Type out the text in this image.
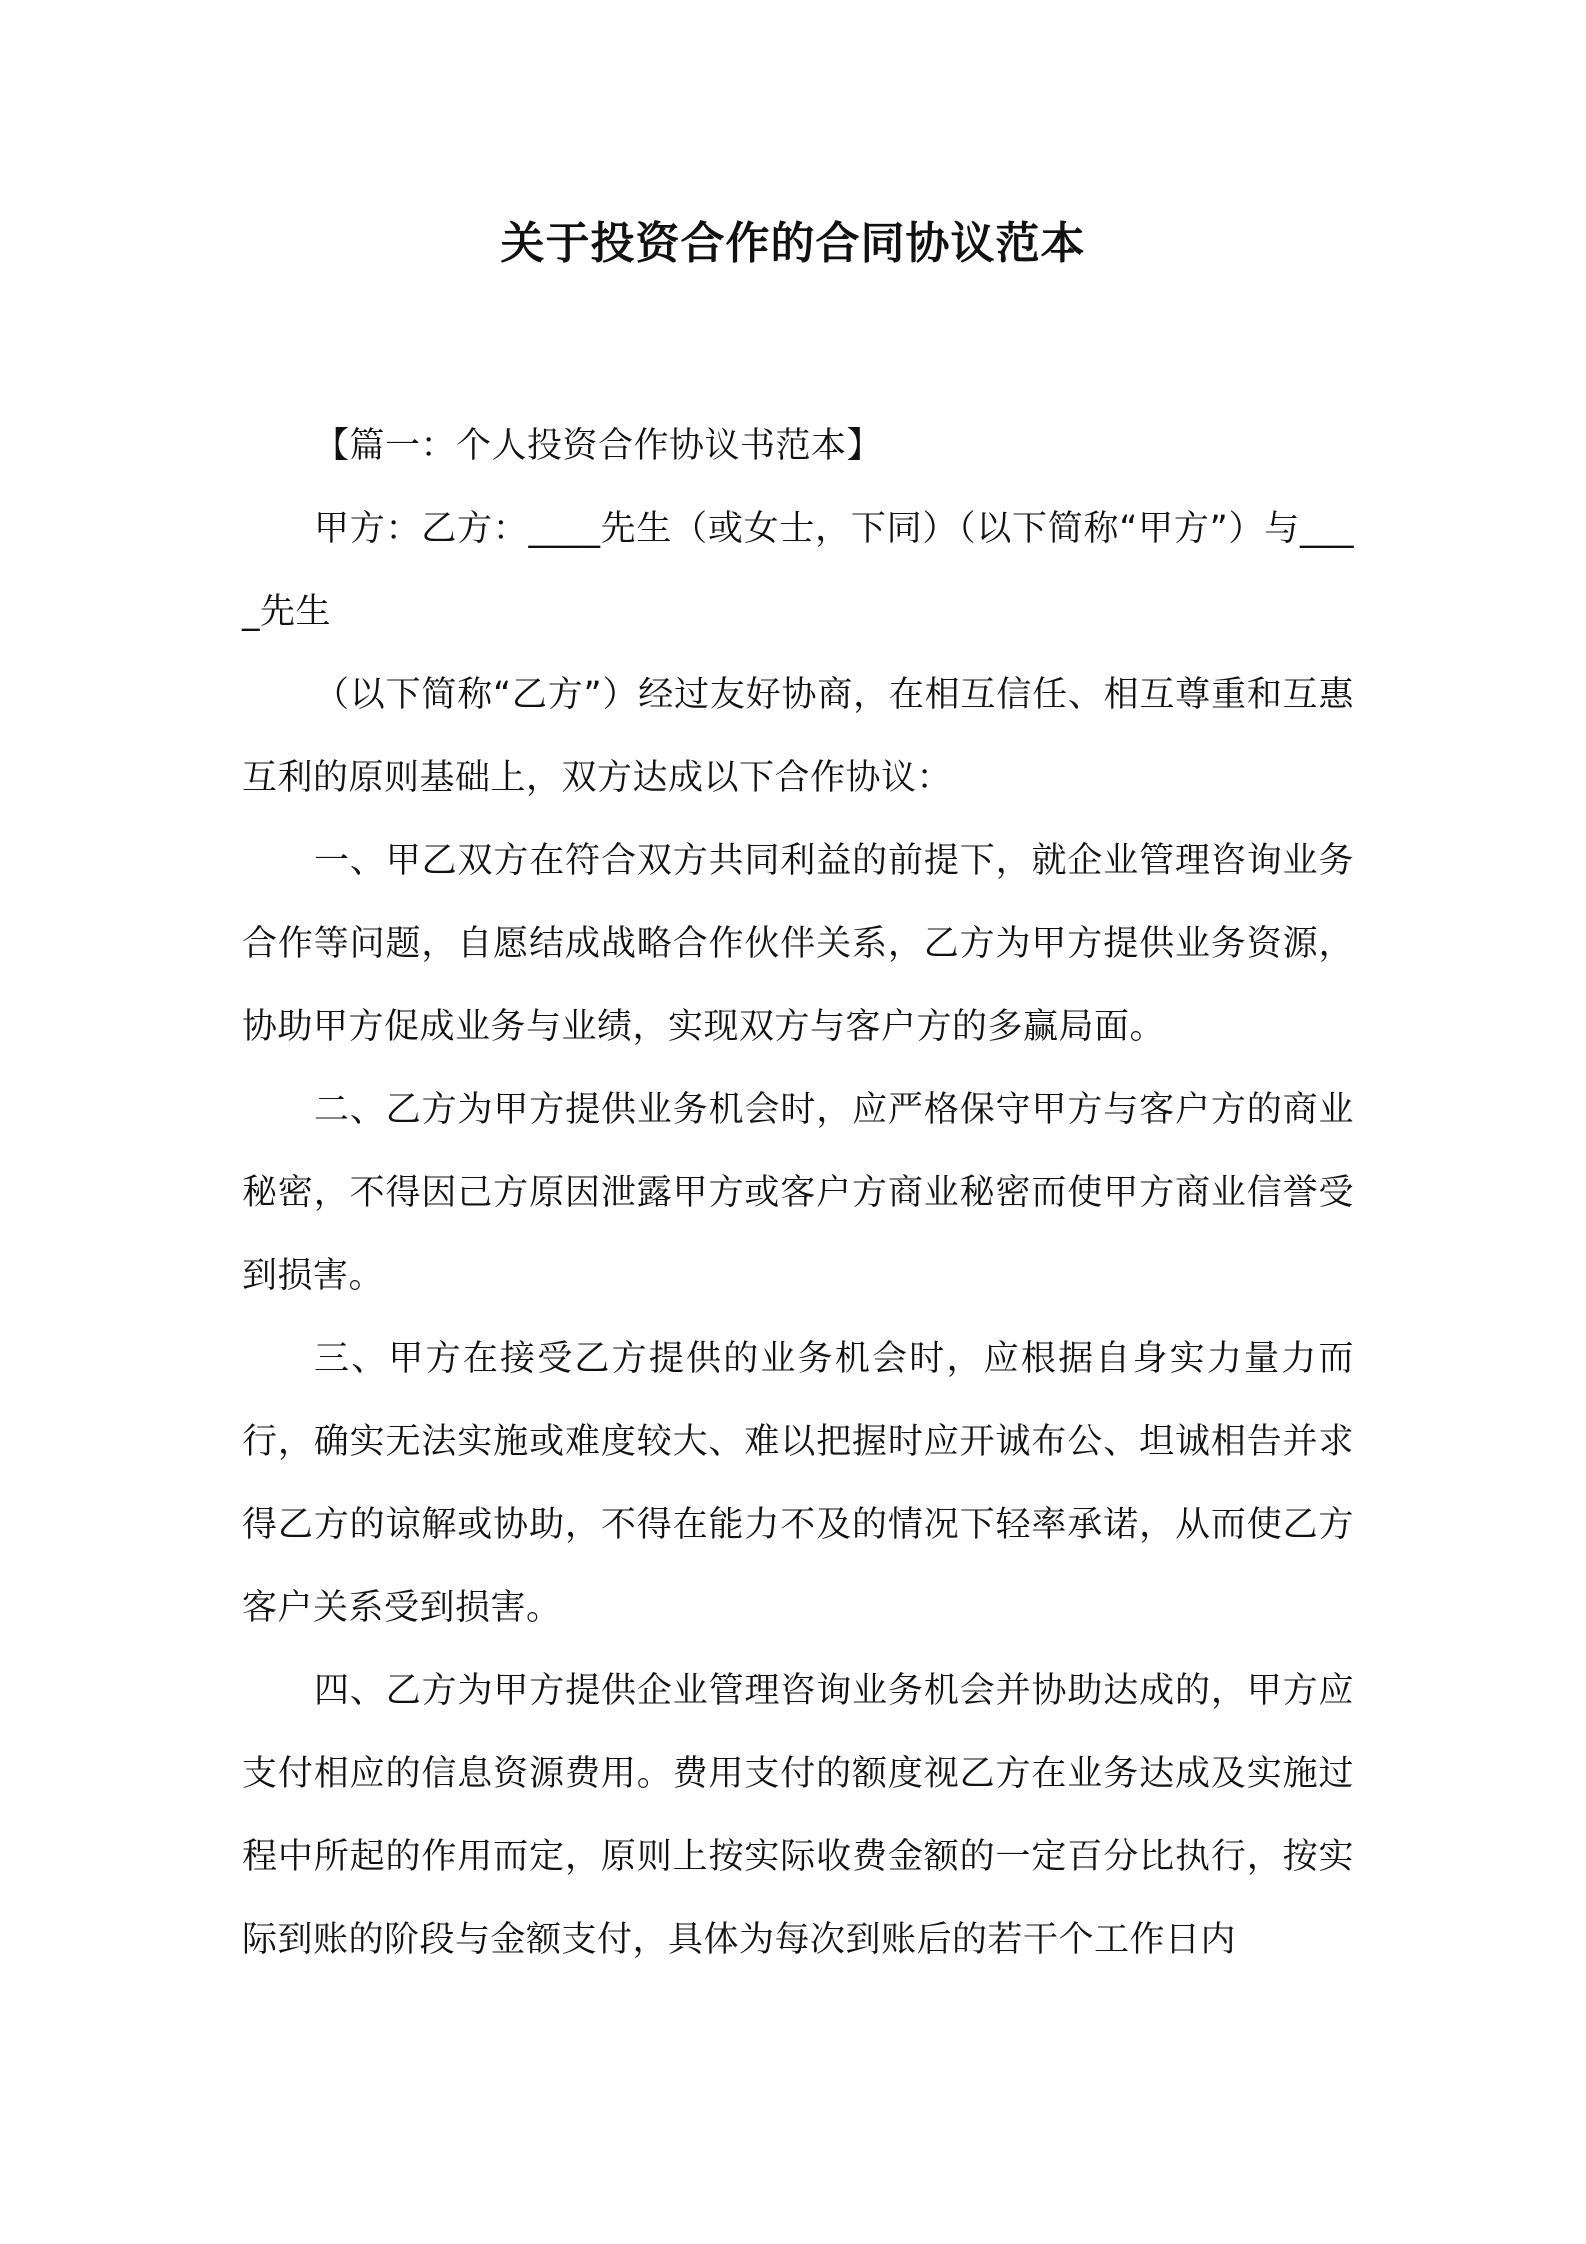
关于投资合作的合同协议范本

【篇一：个人投资合作协议书范本】

甲方：乙方：____先生（或女士，下同）（以下简称“甲方”）与____先生

（以下简称“乙方”）经过友好协商，在相互信任、相互尊重和互惠互利的原则基础上，双方达成以下合作协议：

一、甲乙双方在符合双方共同利益的前提下，就企业管理咨询业务合作等问题，自愿结成战略合作伙伴关系，乙方为甲方提供业务资源，协助甲方促成业务与业绩，实现双方与客户方的多赢局面。

二、乙方为甲方提供业务机会时，应严格保守甲方与客户方的商业秘密，不得因己方原因泄露甲方或客户方商业秘密而使甲方商业信誉受到损害。

三、甲方在接受乙方提供的业务机会时，应根据自身实力量力而行，确实无法实施或难度较大、难以把握时应开诚布公、坦诚相告并求得乙方的谅解或协助，不得在能力不及的情况下轻率承诺，从而使乙方客户关系受到损害。

四、乙方为甲方提供企业管理咨询业务机会并协助达成的，甲方应支付相应的信息资源费用。费用支付的额度视乙方在业务达成及实施过程中所起的作用而定，原则上按实际收费金额的一定百分比执行，按实际到账的阶段与金额支付，具体为每次到账后的若干个工作日内
